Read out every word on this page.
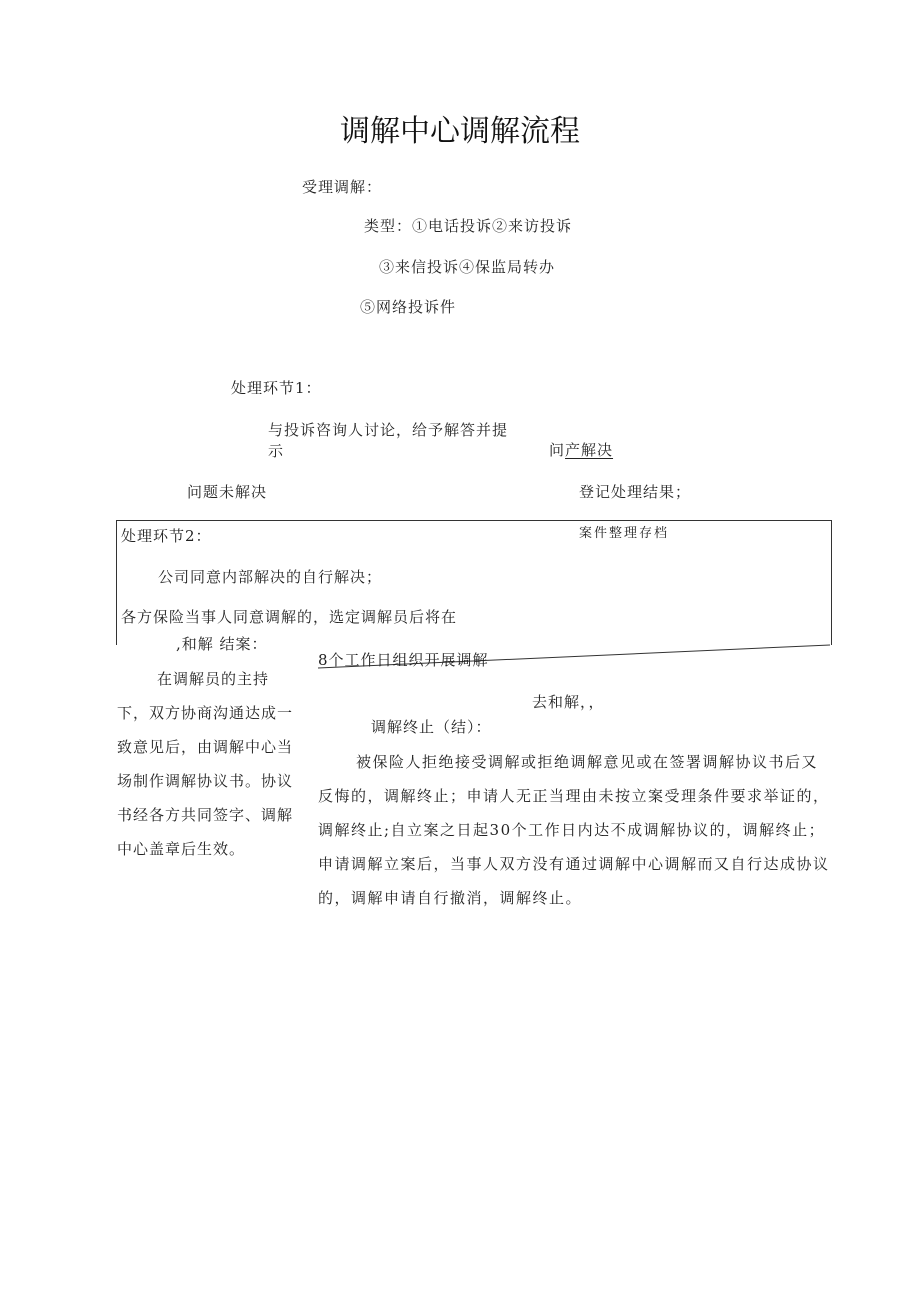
调解中心调解流程
受理调解：
类型：①电话投诉②来访投诉
③来信投诉④保监局转办
⑤网络投诉件
处理环节1：
与投诉咨询人讨论，给予解答并提
示	问产解决
问题未解决	登记处理结果；
案件整理存档
处理环节2：
公司同意内部解决的自行解决；
各方保险当事人同意调解的，选定调解员后将在
,和解 结案：
8个工作日组织开展调解
去和解，，
调解终止（结）：
在调解员的主持下，双方协商沟通达成一致意见后，由调解中心当场制作调解协议书。协议书经各方共同签字、调解中心盖章后生效。
被保险人拒绝接受调解或拒绝调解意见或在签署调解协议书后又反悔的，调解终止；申请人无正当理由未按立案受理条件要求举证的，调解终止;自立案之日起30个工作日内达不成调解协议的，调解终止；申请调解立案后，当事人双方没有通过调解中心调解而又自行达成协议的，调解申请自行撤消，调解终止。
